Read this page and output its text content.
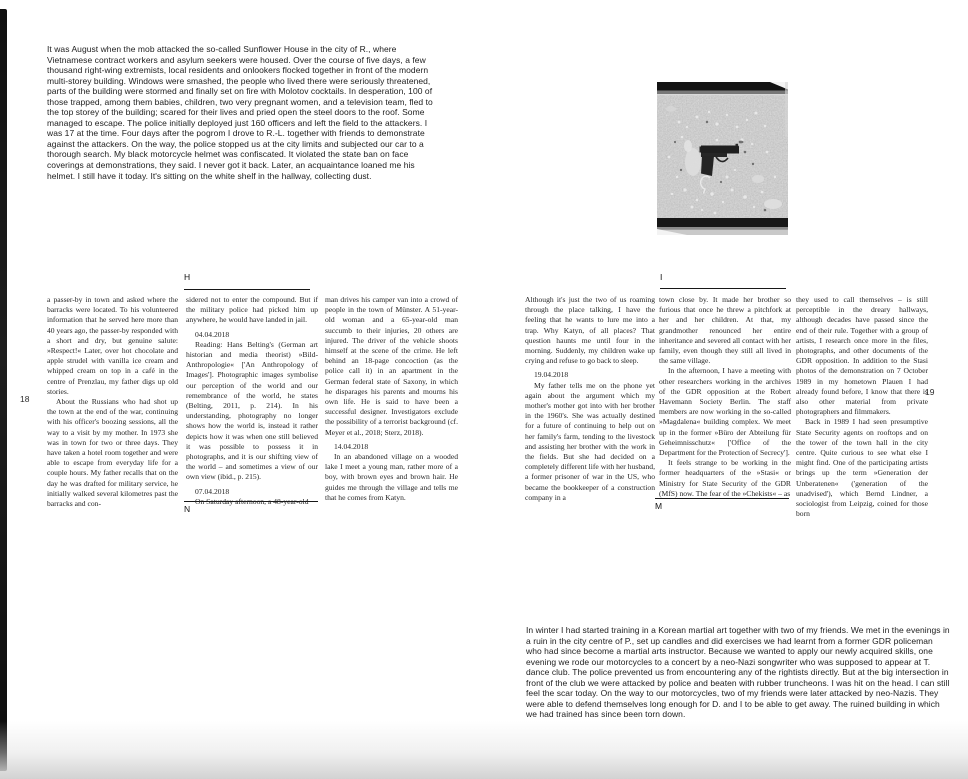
It was August when the mob attacked the so-called Sunflower House in the city of R., where Vietnamese contract workers and asylum seekers were housed. Over the course of five days, a few thousand right-wing extremists, local residents and onlookers flocked together in front of the modern multi-storey building. Windows were smashed, the people who lived there were seriously threatened, parts of the building were stormed and finally set on fire with Molotov cocktails. In desperation, 100 of those trapped, among them babies, children, two very pregnant women, and a television team, fled to the top storey of the building; scared for their lives and pried open the steel doors to the roof. Some managed to escape. The police initially deployed just 160 officers and left the field to the attackers. I was 17 at the time. Four days after the pogrom I drove to R.-L. together with friends to demonstrate against the attackers. On the way, the police stopped us at the city limits and subjected our car to a thorough search. My black motorcycle helmet was confiscated. It violated the state ban on face coverings at demonstrations, they said. I never got it back. Later, an acquaintance loaned me his helmet. I still have it today. It's sitting on the white shelf in the hallway, collecting dust.

H	I
N	M
18
19

a passer-by in town and asked where the barracks were located. To his volunteered information that he served here more than 40 years ago, the passer-by responded with a short and dry, but genuine salute: »Respect!« Later, over hot chocolate and apple strudel with vanilla ice cream and whipped cream on top in a café in the centre of Prenzlau, my father digs up old stories.

About the Russians who had shot up the town at the end of the war, continuing with his officer's boozing sessions, all the way to a visit by my mother. In 1973 she was in town for two or three days. They have taken a hotel room together and were able to escape from everyday life for a couple hours. My father recalls that on the day he was drafted for military service, he initially walked several kilometres past the barracks and con-

sidered not to enter the compound. But if the military police had picked him up anywhere, he would have landed in jail.

04.04.2018

Reading: Hans Belting's (German art historian and media theorist) »Bild-Anthropologie« ['An Anthropology of Images']. Photographic images symbolise our perception of the world and our remembrance of the world, he states (Belting, 2011, p. 214). In his understanding, photography no longer shows how the world is, instead it rather depicts how it was when one still believed it was possible to possess it in photographs, and it is our shifting view of the world – and sometimes a view of our own view (ibid., p. 215).

07.04.2018

On Saturday afternoon, a 48-year-old

man drives his camper van into a crowd of people in the town of Münster. A 51-year-old woman and a 65-year-old man succumb to their injuries, 20 others are injured. The driver of the vehicle shoots himself at the scene of the crime. He left behind an 18-page concoction (as the police call it) in an apartment in the German federal state of Saxony, in which he disparages his parents and mourns his own life. He is said to have been a successful designer. Investigators exclude the possibility of a terrorist background (cf. Meyer et al., 2018; Sterz, 2018).

14.04.2018

In an abandoned village on a wooded lake I meet a young man, rather more of a boy, with brown eyes and brown hair. He guides me through the village and tells me that he comes from Katyn.

Although it's just the two of us roaming through the place talking, I have the feeling that he wants to lure me into a trap. Why Katyn, of all places? That question haunts me until four in the morning. Suddenly, my children wake up crying and refuse to go back to sleep.

19.04.2018

My father tells me on the phone yet again about the argument which my mother's mother got into with her brother in the 1960's. She was actually destined for a future of continuing to help out on her family's farm, tending to the livestock and assisting her brother with the work in the fields. But she had decided on a completely different life with her husband, a former prisoner of war in the US, who became the bookkeeper of a construction company in a

town close by. It made her brother so furious that once he threw a pitchfork at her and her children. At that, my grandmother renounced her entire inheritance and severed all contact with her family, even though they still all lived in the same village.

In the afternoon, I have a meeting with other researchers working in the archives of the GDR opposition at the Robert Havemann Society Berlin. The staff members are now working in the so-called »Magdalena« building complex. We meet up in the former »Büro der Abteilung für Geheimnisschutz« ['Office of the Department for the Protection of Secrecy'].

It feels strange to be working in the former headquarters of the »Stasi« or Ministry for State Security of the GDR (MfS) now. The fear of the »Chekists« – as

they used to call themselves – is still perceptible in the dreary hallways, although decades have passed since the end of their rule. Together with a group of artists, I research once more in the files, photographs, and other documents of the GDR opposition. In addition to the Stasi photos of the demonstration on 7 October 1989 in my hometown Plauen I had already found before, I know that there is also other material from private photographers and filmmakers.

Back in 1989 I had seen presumptive State Security agents on rooftops and on the tower of the town hall in the city centre. Quite curious to see what else I might find. One of the participating artists brings up the term »Generation der Unberatenen« ('generation of the unadvised'), which Bernd Lindner, a sociologist from Leipzig, coined for those born

In winter I had started training in a Korean martial art together with two of my friends. We met in the evenings in a ruin in the city centre of P., set up candles and did exercises we had learnt from a former GDR policeman who had since become a martial arts instructor. Because we wanted to apply our newly acquired skills, one evening we rode our motorcycles to a concert by a neo-Nazi songwriter who was supposed to appear at T. dance club. The police prevented us from encountering any of the rightists directly. But at the big intersection in front of the club we were attacked by police and beaten with rubber truncheons. I was hit on the head. I can still feel the scar today. On the way to our motorcycles, two of my friends were later attacked by neo-Nazis. They were able to defend themselves long enough for D. and I to be able to get away. The ruined building in which we had trained has since been torn down.
